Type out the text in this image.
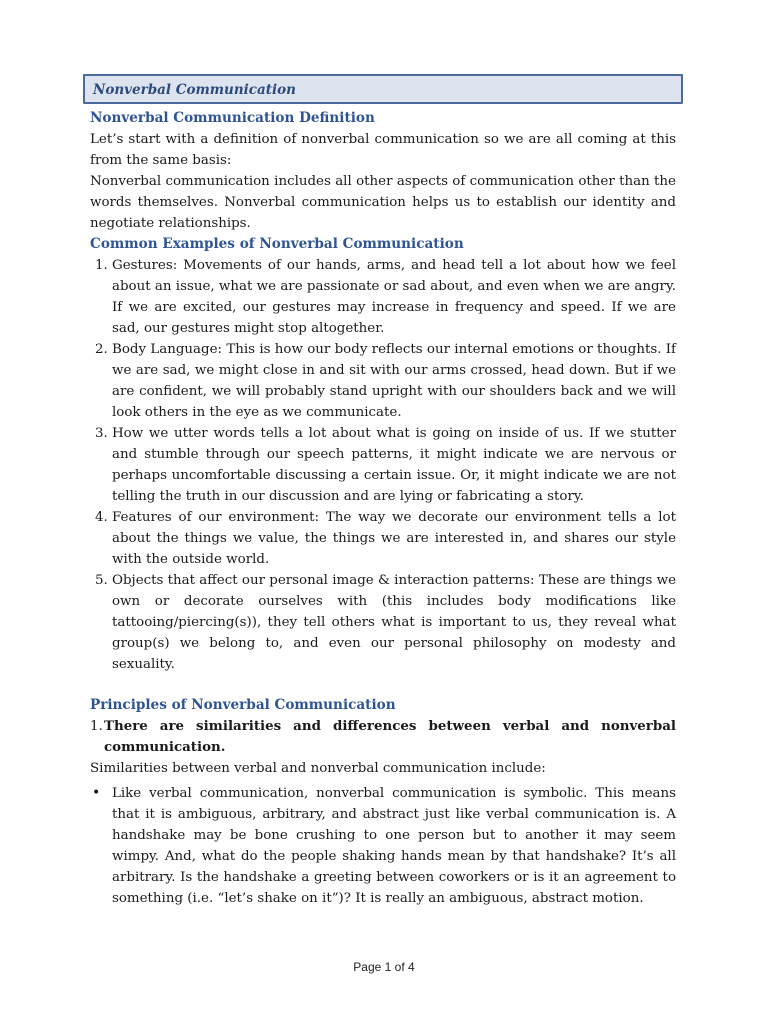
Nonverbal Communication
Nonverbal Communication Definition

Let’s start with a definition of nonverbal communication so we are all coming at this from the same basis:

Nonverbal communication includes all other aspects of communication other than the words themselves. Nonverbal communication helps us to establish our identity and negotiate relationships.

Common Examples of Nonverbal Communication
1. Gestures: Movements of our hands, arms, and head tell a lot about how we feel about an issue, what we are passionate or sad about, and even when we are angry. If we are excited, our gestures may increase in frequency and speed. If we are sad, our gestures might stop altogether.
2. Body Language: This is how our body reflects our internal emotions or thoughts. If we are sad, we might close in and sit with our arms crossed, head down. But if we are confident, we will probably stand upright with our shoulders back and we will look others in the eye as we communicate.
3. How we utter words tells a lot about what is going on inside of us. If we stutter and stumble through our speech patterns, it might indicate we are nervous or perhaps uncomfortable discussing a certain issue. Or, it might indicate we are not telling the truth in our discussion and are lying or fabricating a story.
4. Features of our environment: The way we decorate our environment tells a lot about the things we value, the things we are interested in, and shares our style with the outside world.
5. Objects that affect our personal image & interaction patterns: These are things we own or decorate ourselves with (this includes body modifications like tattooing/piercing(s)), they tell others what is important to us, they reveal what group(s) we belong to, and even our personal philosophy on modesty and sexuality.
Principles of Nonverbal Communication
1. There are similarities and differences between verbal and nonverbal communication.

Similarities between verbal and nonverbal communication include:

• Like verbal communication, nonverbal communication is symbolic. This means that it is ambiguous, arbitrary, and abstract just like verbal communication is. A handshake may be bone crushing to one person but to another it may seem wimpy. And, what do the people shaking hands mean by that handshake? It’s all arbitrary. Is the handshake a greeting between coworkers or is it an agreement to something (i.e. “let’s shake on it”)? It is really an ambiguous, abstract motion.
Page 1 of 4
